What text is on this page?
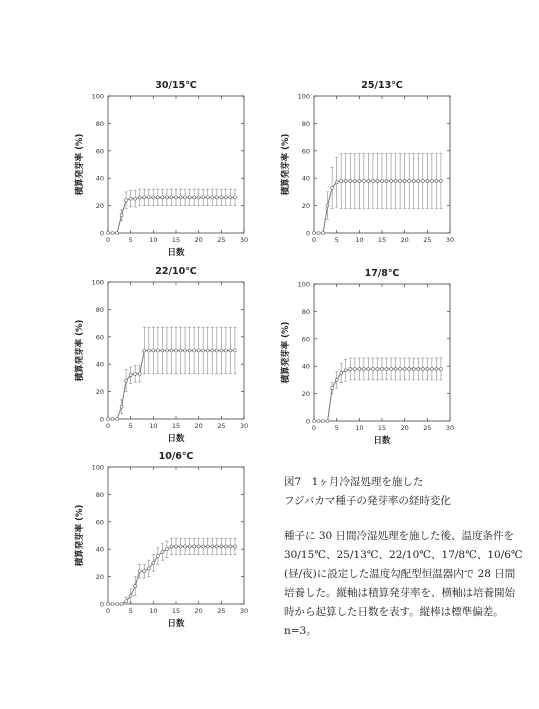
30/15℃
0
20
40
60
80
100
0	5	10 15 20 25 30
日数
積算発芽率 (%)
25/13℃
0
20
40
60
80
100
0	5	10 15 20 25 30
積算発芽率 (%)
22/10℃
0
20
40
60
80
100
0	5	10 15 20 25 30
日数
積算発芽率 (%)
17/8℃
0
20
40
60
80
100
0	5	10 15 20 25 30
日数
積算発芽率 (%)
10/6℃
0
20
40
60
80
100
0	5	10 15 20 25 30
日数
積算発芽率 (%)

図7　1ヶ月冷湿処理を施した

フジバカマ種子の発芽率の経時変化

種子に 30 日間冷湿処理を施した後、温度条件を 30/15℃、25/13℃、22/10℃、17/8℃、10/6℃(昼/夜)に設定した温度勾配型恒温器内で 28 日間培養した。縦軸は積算発芽率を、横軸は培養開始時から起算した日数を表す。縦棒は標準偏差。n=3。
